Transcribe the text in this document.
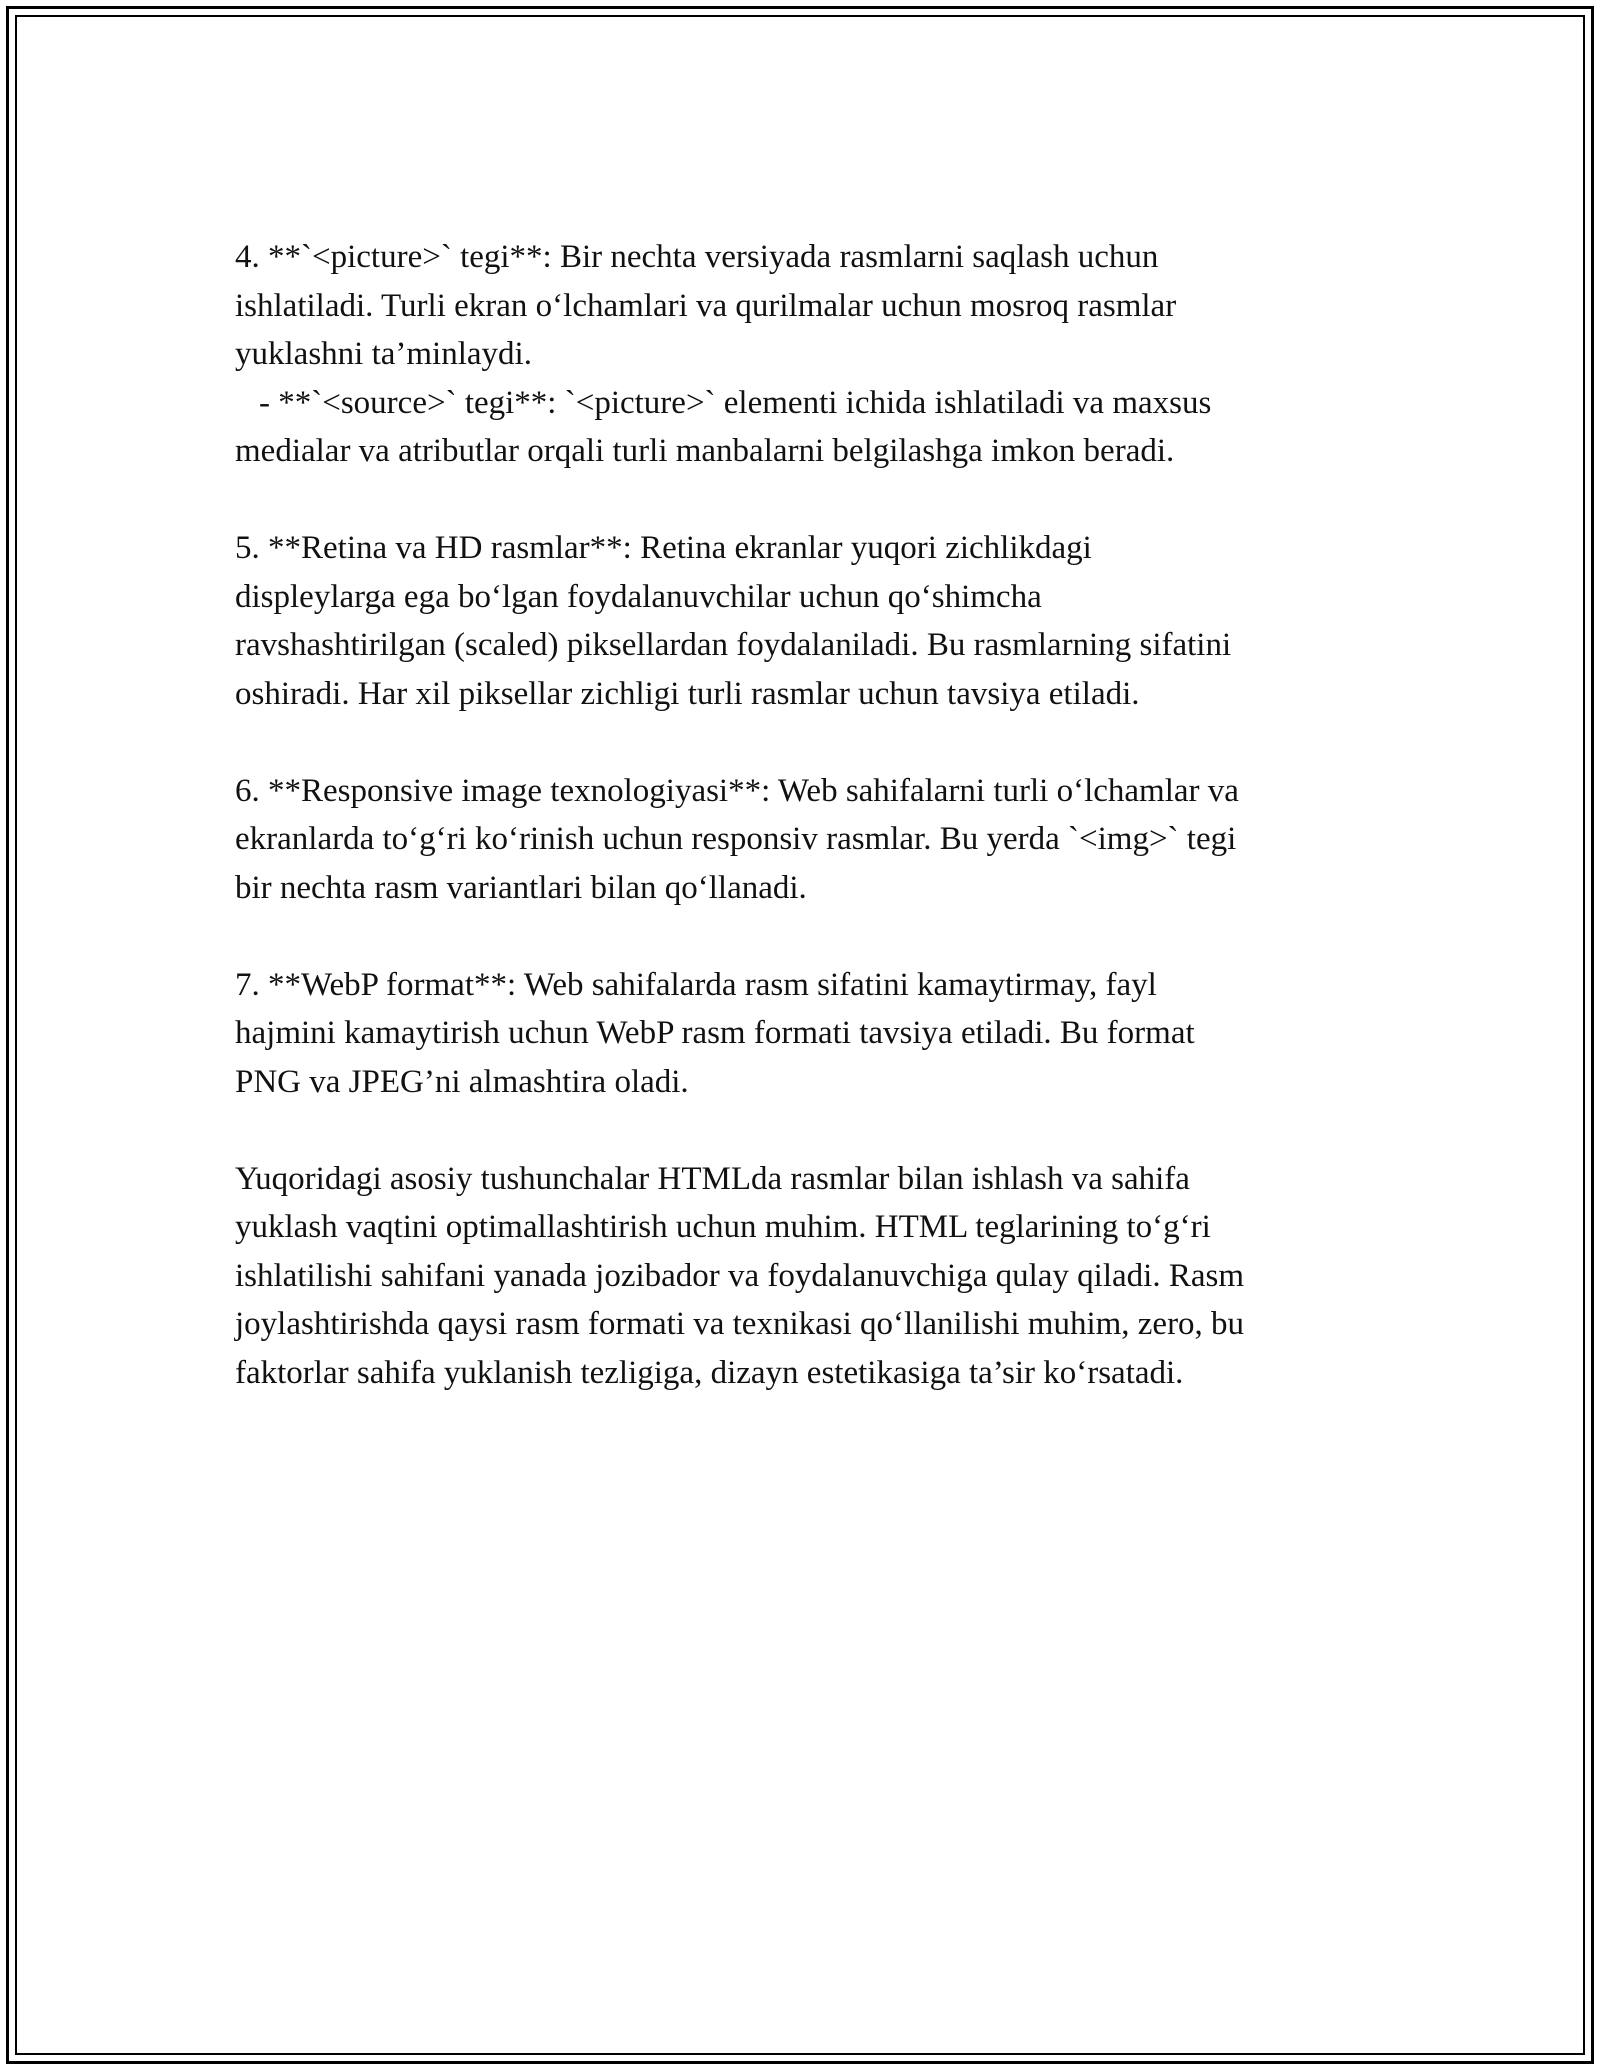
4. **`<picture>` tegi**: Bir nechta versiyada rasmlarni saqlash uchun
ishlatiladi. Turli ekran o‘lchamlari va qurilmalar uchun mosroq rasmlar
yuklashni ta’minlaydi.
- **`<source>` tegi**: `<picture>` elementi ichida ishlatiladi va maxsus
medialar va atributlar orqali turli manbalarni belgilashga imkon beradi.
5. **Retina va HD rasmlar**: Retina ekranlar yuqori zichlikdagi
displeylarga ega bo‘lgan foydalanuvchilar uchun qo‘shimcha
ravshashtirilgan (scaled) piksellardan foydalaniladi. Bu rasmlarning sifatini
oshiradi. Har xil piksellar zichligi turli rasmlar uchun tavsiya etiladi.
6. **Responsive image texnologiyasi**: Web sahifalarni turli o‘lchamlar va
ekranlarda to‘g‘ri ko‘rinish uchun responsiv rasmlar. Bu yerda `<img>` tegi
bir nechta rasm variantlari bilan qo‘llanadi.
7. **WebP format**: Web sahifalarda rasm sifatini kamaytirmay, fayl
hajmini kamaytirish uchun WebP rasm formati tavsiya etiladi. Bu format
PNG va JPEG’ni almashtira oladi.
Yuqoridagi asosiy tushunchalar HTMLda rasmlar bilan ishlash va sahifa
yuklash vaqtini optimallashtirish uchun muhim. HTML teglarining to‘g‘ri
ishlatilishi sahifani yanada jozibador va foydalanuvchiga qulay qiladi. Rasm
joylashtirishda qaysi rasm formati va texnikasi qo‘llanilishi muhim, zero, bu
faktorlar sahifa yuklanish tezligiga, dizayn estetikasiga ta’sir ko‘rsatadi.
